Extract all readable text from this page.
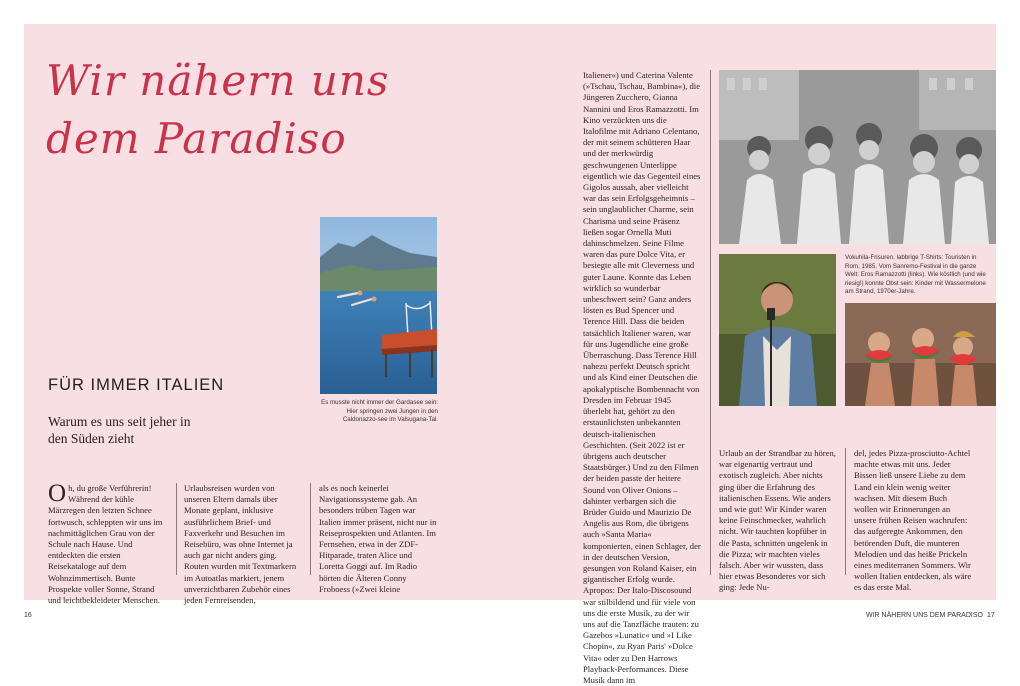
Wir nähern uns
dem Paradiso
Es musste nicht immer der Gardasee sein: Hier springen zwei Jungen in den Caldonazzo-see im Valsugana-Tal.
FÜR IMMER ITALIEN
Warum es uns seit jeher in den Süden zieht
Oh, du große Verführerin! Während der kühle Märzregen den letzten Schnee fortwusch, schleppten wir uns im nachmittäglichen Grau von der Schule nach Hause. Und entdeckten die ersten Reisekataloge auf dem Wohnzimmertisch. Bunte Prospekte voller Sonne, Strand und leichtbekleideter Menschen.
Urlaubsreisen wurden von unseren Eltern damals über Monate geplant, inklusive ausführlichem Brief- und Faxverkehr und Besuchen im Reisebüro, was ohne Internet ja auch gar nicht anders ging. Routen wurden mit Textmarkern im Autoatlas markiert, jenem unverzichtbaren Zubehör eines jeden Fernreisenden,
als es noch keinerlei Navigationssysteme gab. An besonders trüben Tagen war Italien immer präsent, nicht nur in Reiseprospekten und Atlanten. Im Fernsehen, etwa in der ZDF-Hitparade, traten Alice und Loretta Goggi auf. Im Radio hörten die Älteren Conny Froboess (»Zwei kleine
Italiener«) und Caterina Valente (»Tschau, Tschau, Bambina«), die Jüngeren Zucchero, Gianna Nannini und Eros Ramazzotti. Im Kino verzückten uns die Italofilme mit Adriano Celentano, der mit seinem schütteren Haar und der merkwürdig geschwungenen Unterlippe eigentlich wie das Gegenteil eines Gigolos aussah, aber vielleicht war das sein Erfolgsgeheimnis – sein unglaublicher Charme, sein Charisma und seine Präsenz ließen sogar Ornella Muti dahinschmelzen. Seine Filme waren das pure Dolce Vita, er besiegte alle mit Cleverness und guter Laune. Konnte das Leben wirklich so wunderbar unbeschwert sein? Ganz anders lösten es Bud Spencer und Terence Hill. Dass die beiden tatsächlich Italiener waren, war für uns Jugendliche eine große Überraschung. Dass Terence Hill nahezu perfekt Deutsch spricht und als Kind einer Deutschen die apokalyptische Bombennacht von Dresden im Februar 1945 überlebt hat, gehört zu den erstaunlichsten unbekannten deutsch-italienischen Geschichten. (Seit 2022 ist er übrigens auch deutscher Staatsbürger.) Und zu den Filmen der beiden passte der heitere Sound von Oliver Onions – dahinter verbargen sich die Brüder Guido und Maurizio De Angelis aus Rom, die übrigens auch »Santa Maria« komponierten, einen Schlager, der in der deutschen Version, gesungen von Roland Kaiser, ein gigantischer Erfolg wurde. Apropos: Der Italo-Discosound war stilbildend und für viele von uns die erste Musik, zu der wir uns auf die Tanzfläche trauten: zu Gazebos »Lunatic« und »I Like Chopin«, zu Ryan Paris' »Dolce Vita« oder zu Den Harrows Playback-Performances. Diese Musik dann im
Vokuhila-Frisuren, labbrige T-Shirts: Touristen in Rom, 1985. Vom Sanremo-Festival in die ganze Welt: Eros Ramazzotti (links). Wie köstlich (und wie riesig!) konnte Obst sein: Kinder mit Wassermelone am Strand, 1970er-Jahre.
Urlaub an der Strandbar zu hören, war eigenartig vertraut und exotisch zugleich. Aber nichts ging über die Erfahrung des italienischen Essens. Wie anders und wie gut! Wir Kinder waren keine Feinschmecker, wahrlich nicht. Wir tauchten kopfüber in die Pasta, schnitten ungelenk in die Pizza; wir machten vieles falsch. Aber wir wussten, dass hier etwas Besonderes vor sich ging: Jede Nu-
del, jedes Pizza-prosciutto-Achtel machte etwas mit uns. Jeder Bissen ließ unsere Liebe zu dem Land ein klein wenig weiter wachsen. Mit diesem Buch wollen wir Erinnerungen an unsere frühen Reisen wachrufen: das aufgeregte Ankommen, den betörenden Duft, die munteren Melodien und das heiße Prickeln eines mediterranen Sommers. Wir wollen Italien entdecken, als wäre es das erste Mal.
16	WIR NÄHERN UNS DEM PARADISO 17
